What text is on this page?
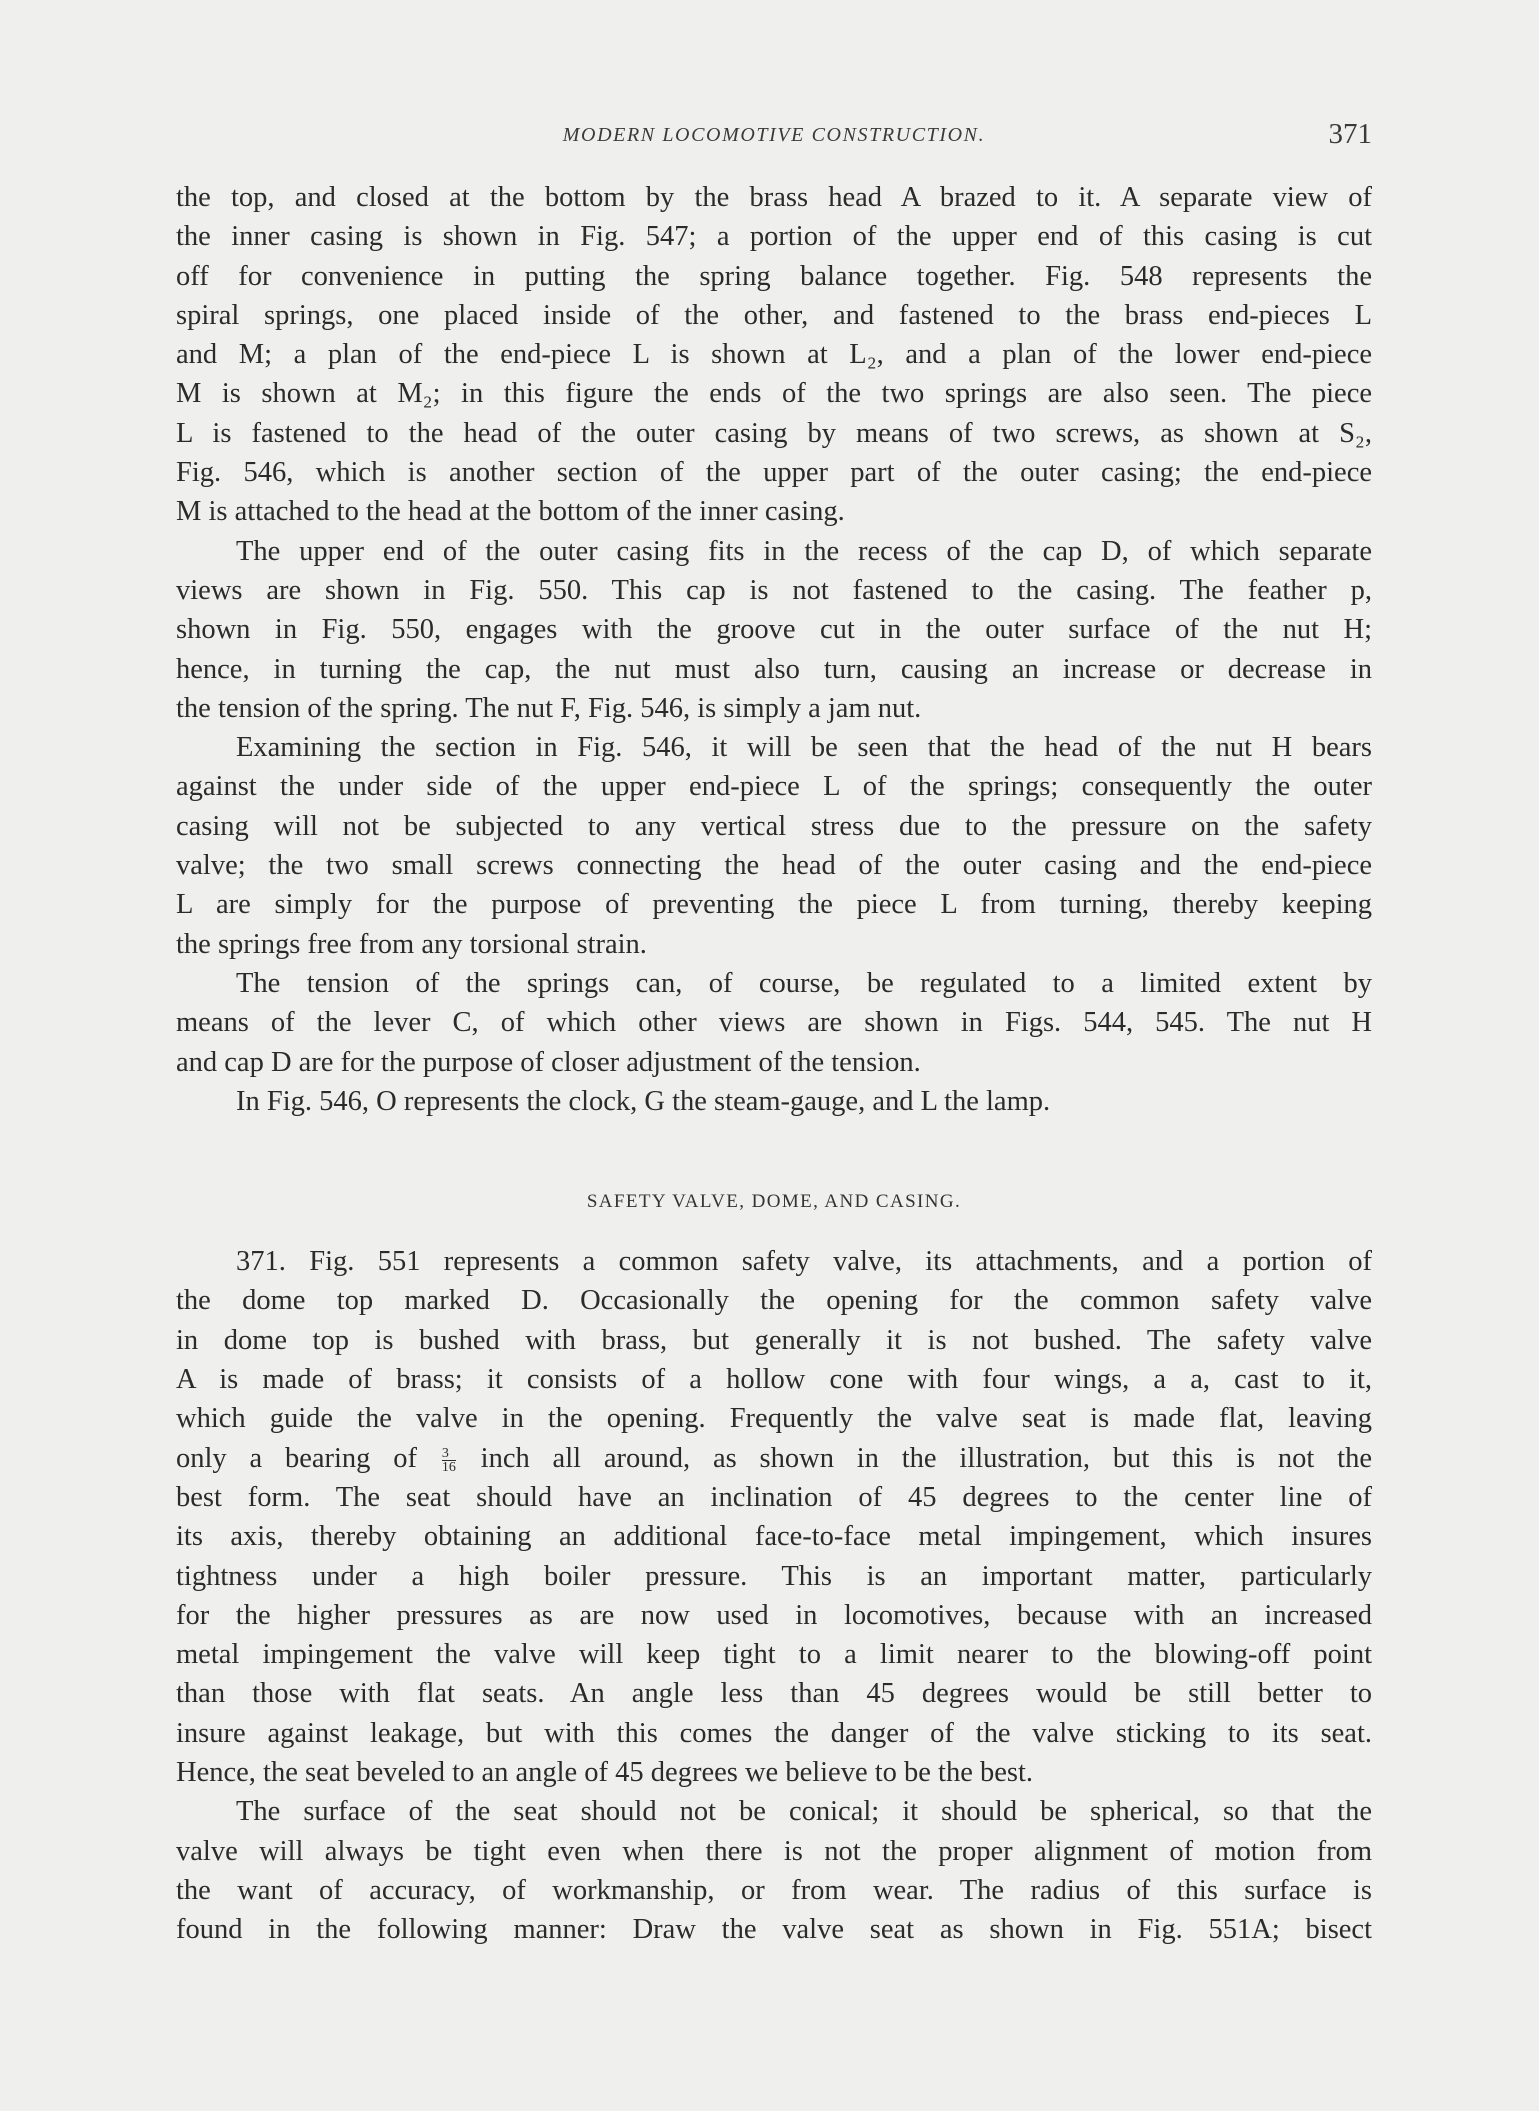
MODERN LOCOMOTIVE CONSTRUCTION.	371
the top, and closed at the bottom by the brass head A brazed to it. A separate view of
the inner casing is shown in Fig. 547; a portion of the upper end of this casing is cut
off for convenience in putting the spring balance together. Fig. 548 represents the
spiral springs, one placed inside of the other, and fastened to the brass end-pieces L
and M; a plan of the end-piece L is shown at L₂, and a plan of the lower end-piece
M is shown at M₂; in this figure the ends of the two springs are also seen. The piece
L is fastened to the head of the outer casing by means of two screws, as shown at S₂,
Fig. 546, which is another section of the upper part of the outer casing; the end-piece
M is attached to the head at the bottom of the inner casing.
The upper end of the outer casing fits in the recess of the cap D, of which separate
views are shown in Fig. 550. This cap is not fastened to the casing. The feather p,
shown in Fig. 550, engages with the groove cut in the outer surface of the nut H;
hence, in turning the cap, the nut must also turn, causing an increase or decrease in
the tension of the spring. The nut F, Fig. 546, is simply a jam nut.
Examining the section in Fig. 546, it will be seen that the head of the nut H bears
against the under side of the upper end-piece L of the springs; consequently the outer
casing will not be subjected to any vertical stress due to the pressure on the safety
valve; the two small screws connecting the head of the outer casing and the end-piece
L are simply for the purpose of preventing the piece L from turning, thereby keeping
the springs free from any torsional strain.
The tension of the springs can, of course, be regulated to a limited extent by
means of the lever C, of which other views are shown in Figs. 544, 545. The nut H
and cap D are for the purpose of closer adjustment of the tension.
In Fig. 546, O represents the clock, G the steam-gauge, and L the lamp.
SAFETY VALVE, DOME, AND CASING.
371. Fig. 551 represents a common safety valve, its attachments, and a portion of
the dome top marked D. Occasionally the opening for the common safety valve
in dome top is bushed with brass, but generally it is not bushed. The safety valve
A is made of brass; it consists of a hollow cone with four wings, a a, cast to it,
which guide the valve in the opening. Frequently the valve seat is made flat, leaving
only a bearing of $\frac{3}{16}$ inch all around, as shown in the illustration, but this is not the
best form. The seat should have an inclination of 45 degrees to the center line of
its axis, thereby obtaining an additional face-to-face metal impingement, which insures
tightness under a high boiler pressure. This is an important matter, particularly
for the higher pressures as are now used in locomotives, because with an increased
metal impingement the valve will keep tight to a limit nearer to the blowing-off point
than those with flat seats. An angle less than 45 degrees would be still better to
insure against leakage, but with this comes the danger of the valve sticking to its seat.
Hence, the seat beveled to an angle of 45 degrees we believe to be the best.
The surface of the seat should not be conical; it should be spherical, so that the
valve will always be tight even when there is not the proper alignment of motion from
the want of accuracy, of workmanship, or from wear. The radius of this surface is
found in the following manner: Draw the valve seat as shown in Fig. 551A; bisect
